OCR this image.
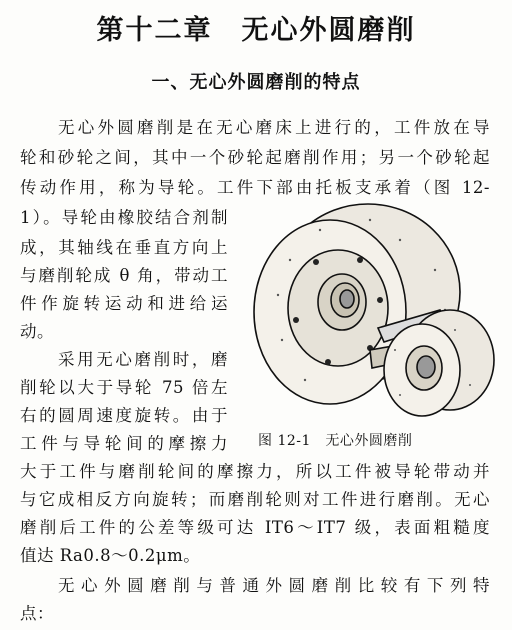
第十二章　无心外圆磨削
一、无心外圆磨削的特点
无心外圆磨削是在无心磨床上进行的，工件放在导
轮和砂轮之间，其中一个砂轮起磨削作用；另一个砂轮起
传动作用，称为导轮。工件下部由托板支承着（图 12-
1）。导轮由橡胶结合剂制
成，其轴线在垂直方向上
与磨削轮成 θ 角，带动工
件作旋转运动和进给运
动。
采用无心磨削时，磨
削轮以大于导轮 75 倍左
右的圆周速度旋转。由于
工件与导轮间的摩擦力
大于工件与磨削轮间的摩擦力，所以工件被导轮带动并
与它成相反方向旋转；而磨削轮则对工件进行磨削。无心
磨削后工件的公差等级可达 IT6～IT7 级，表面粗糙度
值达 Ra0.8～0.2μm。
无心外圆磨削与普通外圆磨削比较有下列特
点：
图 12-1　无心外圆磨削
